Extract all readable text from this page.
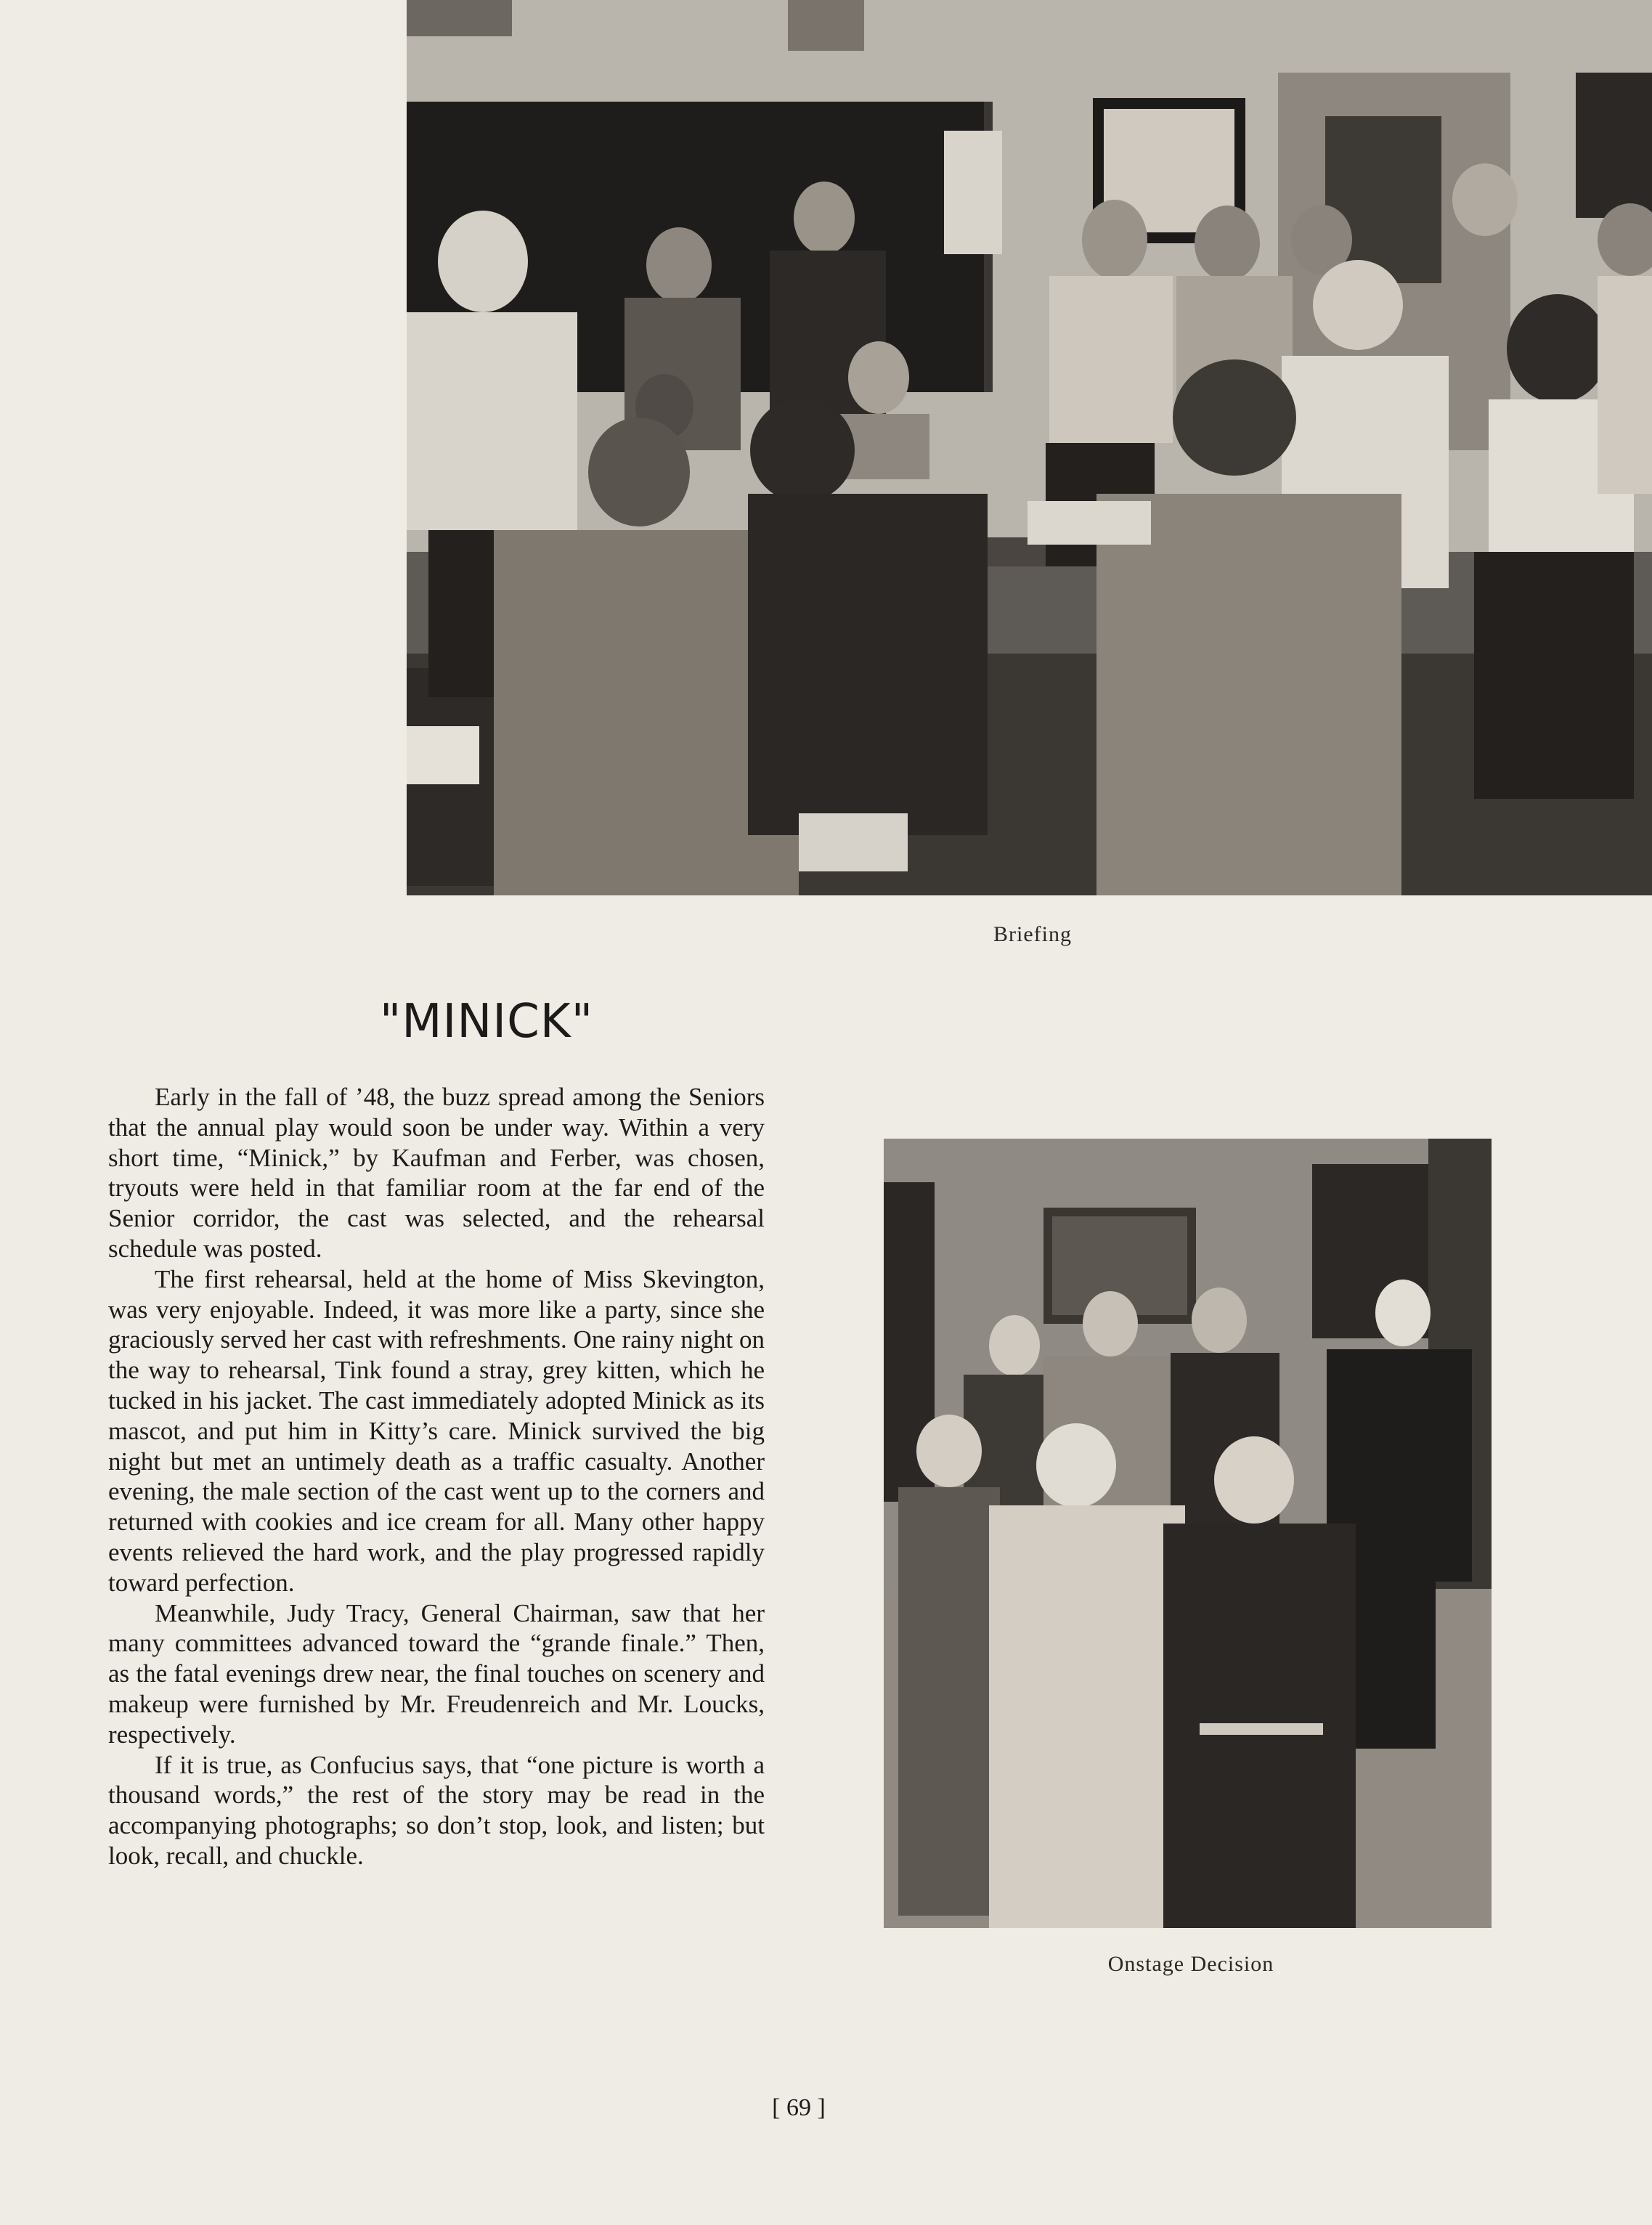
Briefing
"MINICK"

Early in the fall of ’48, the buzz spread among the Seniors that the annual play would soon be under way. Within a very short time, “Minick,” by Kaufman and Ferber, was chosen, tryouts were held in that familiar room at the far end of the Senior corridor, the cast was selected, and the rehearsal schedule was posted.

The first rehearsal, held at the home of Miss Skevington, was very enjoyable. Indeed, it was more like a party, since she graciously served her cast with refreshments. One rainy night on the way to rehearsal, Tink found a stray, grey kitten, which he tucked in his jacket. The cast immediately adopted Minick as its mascot, and put him in Kitty’s care. Minick survived the big night but met an untimely death as a traffic casualty. Another evening, the male section of the cast went up to the corners and returned with cookies and ice cream for all. Many other happy events relieved the hard work, and the play progressed rapidly toward perfection.

Meanwhile, Judy Tracy, General Chairman, saw that her many committees advanced toward the “grande finale.” Then, as the fatal evenings drew near, the final touches on scenery and makeup were furnished by Mr. Freudenreich and Mr. Loucks, respectively.

If it is true, as Confucius says, that “one picture is worth a thousand words,” the rest of the story may be read in the accompanying photographs; so don’t stop, look, and listen; but look, recall, and chuckle.

Onstage Decision
[ 69 ]
